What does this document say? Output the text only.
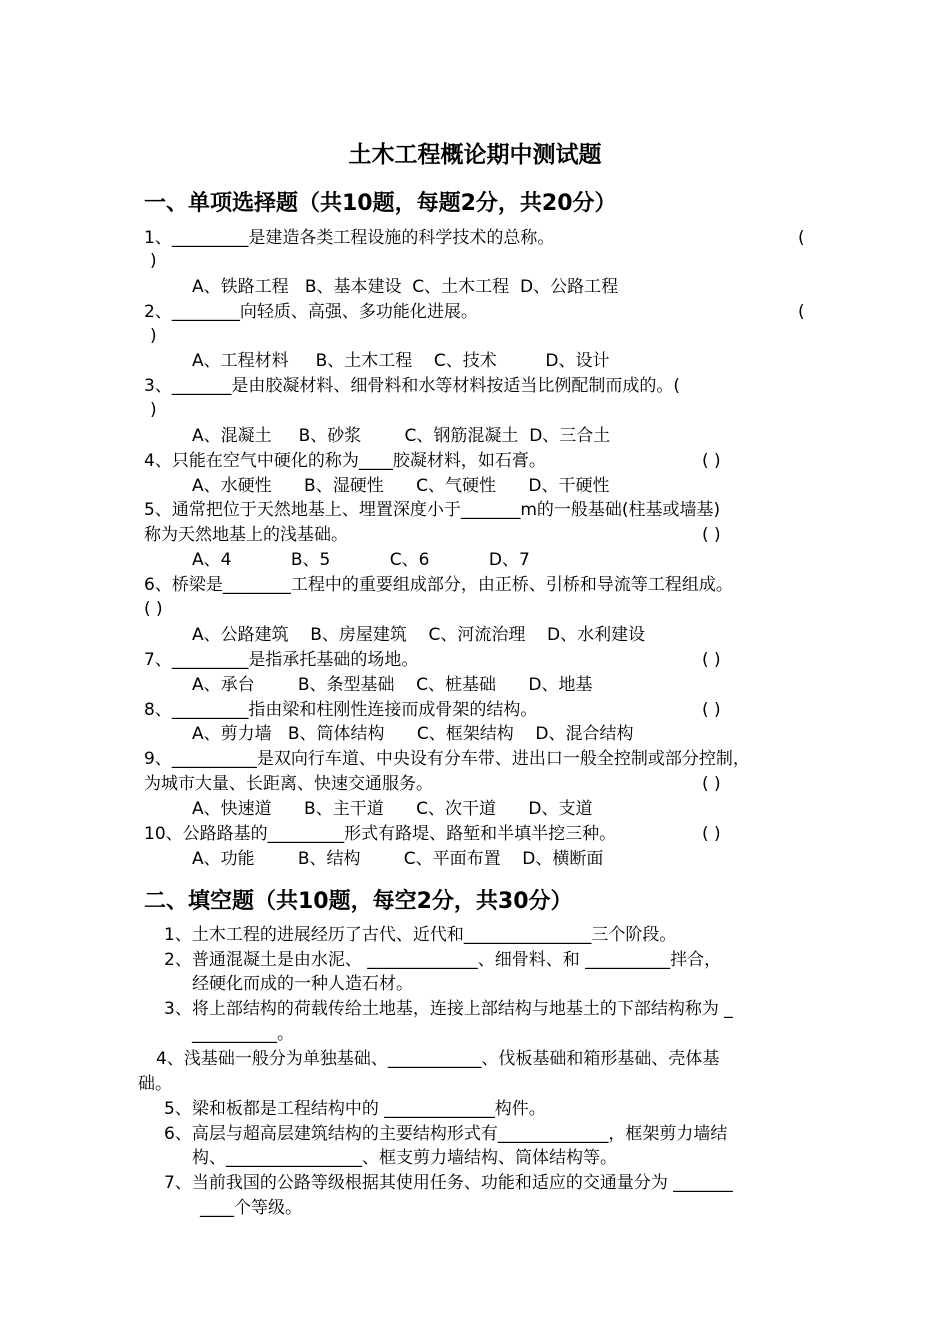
土木工程概论期中测试题
一、单项选择题（共10题，每题2分，共20分）
1、_________是建造各类工程设施的科学技术的总称。	(
)
A、铁路工程   B、基本建设  C、土木工程  D、公路工程
2、________向轻质、高强、多功能化进展。	(
)
A、工程材料     B、土木工程    C、技术         D、设计
3、_______是由胶凝材料、细骨料和水等材料按适当比例配制而成的。(
)
A、混凝土     B、砂浆        C、钢筋混凝土  D、三合土
4、只能在空气中硬化的称为____胶凝材料，如石膏。	( )
A、水硬性      B、湿硬性      C、气硬性      D、干硬性
5、通常把位于天然地基上、埋置深度小于_______m的一般基础(柱基或墙基)
称为天然地基上的浅基础。	( )
A、4           B、5           C、6           D、7
6、桥梁是________工程中的重要组成部分，由正桥、引桥和导流等工程组成。
( )
A、公路建筑    B、房屋建筑    C、河流治理    D、水利建设
7、_________是指承托基础的场地。	( )
A、承台        B、条型基础    C、桩基础      D、地基
8、_________指由梁和柱刚性连接而成骨架的结构。	( )
A、剪力墙   B、筒体结构      C、框架结构    D、混合结构
9、__________是双向行车道、中央设有分车带、进出口一般全控制或部分控制，
为城市大量、长距离、快速交通服务。	( )
A、快速道      B、主干道      C、次干道      D、支道
10、公路路基的_________形式有路堤、路堑和半填半挖三种。	( )
A、功能        B、结构        C、平面布置    D、横断面
二、填空题（共10题，每空2分，共30分）
1、土木工程的进展经历了古代、近代和_______________三个阶段。
2、普通混凝土是由水泥、 _____________、细骨料、和 __________拌合，
经硬化而成的一种人造石材。
3、将上部结构的荷载传给土地基，连接上部结构与地基土的下部结构称为 _
__________。
4、浅基础一般分为单独基础、___________、伐板基础和箱形基础、壳体基
础。
5、梁和板都是工程结构中的 _____________构件。
6、高层与超高层建筑结构的主要结构形式有_____________，框架剪力墙结
构、________________、框支剪力墙结构、筒体结构等。
7、当前我国的公路等级根据其使用任务、功能和适应的交通量分为 _______
____个等级。
